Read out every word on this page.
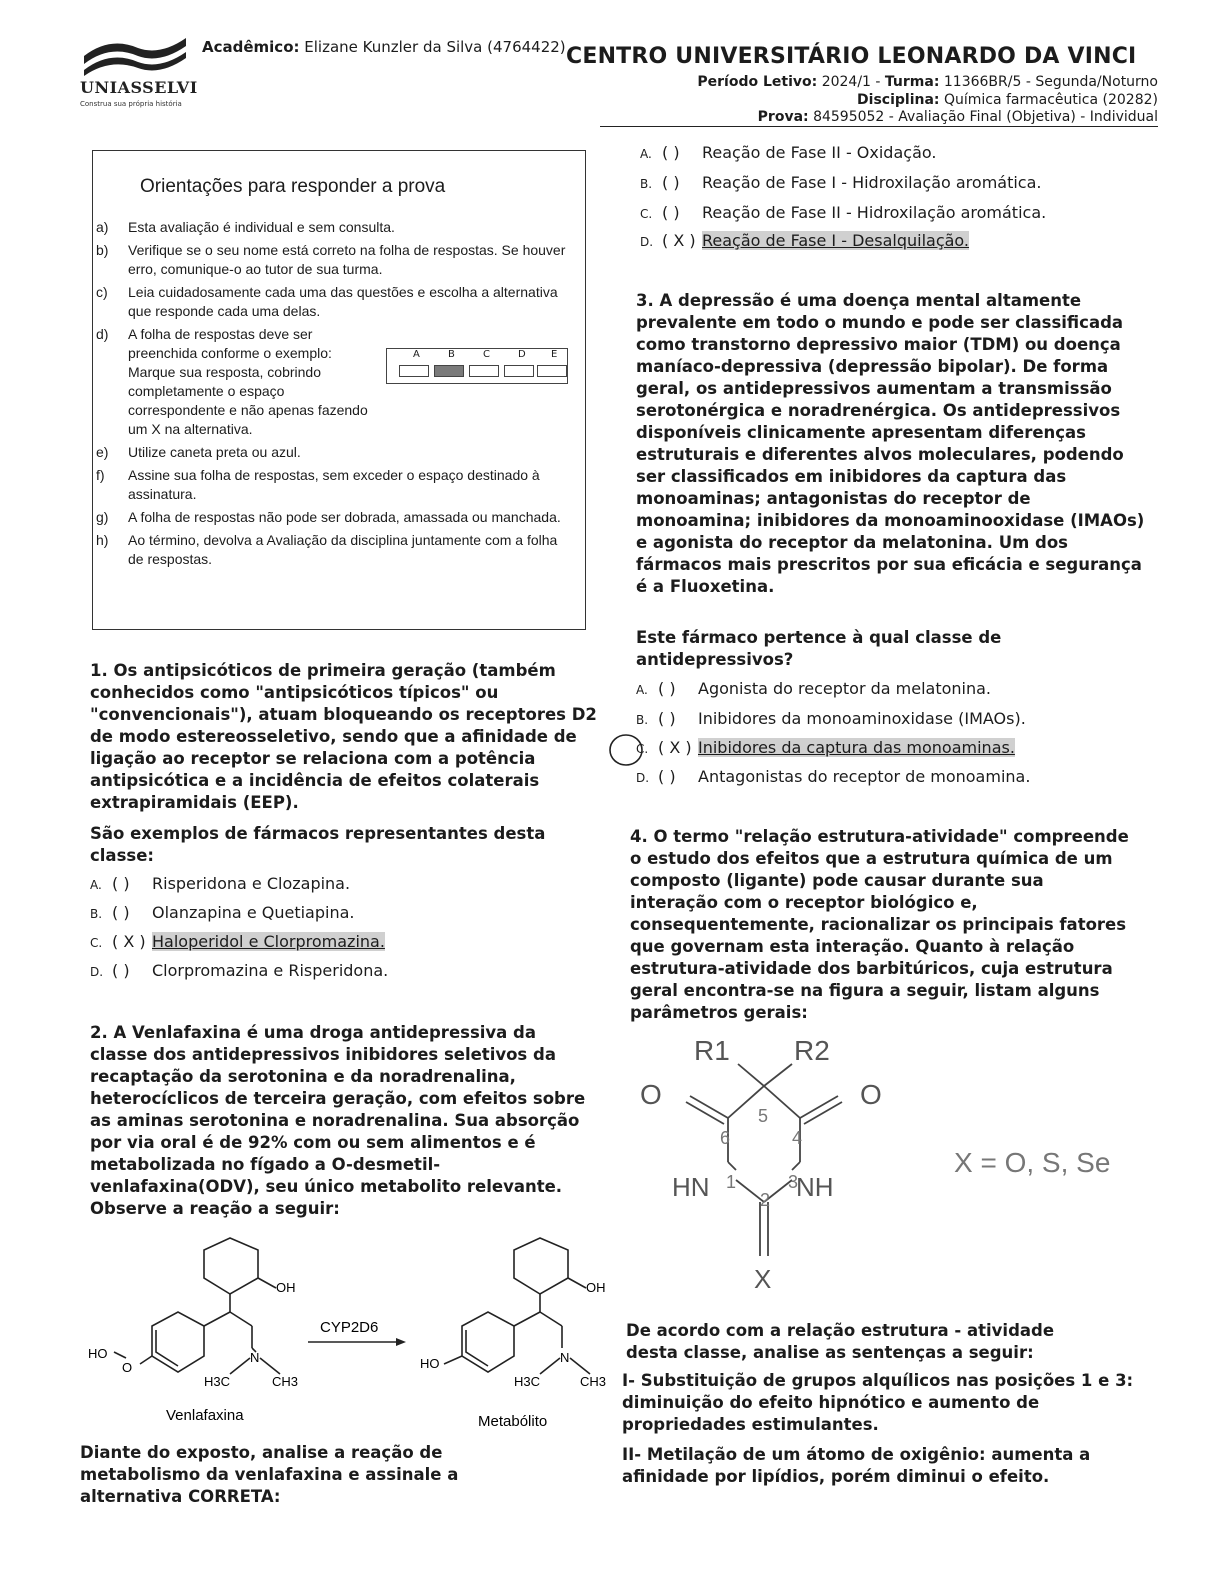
UNIASSELVI
Construa sua própria história
Acadêmico: Elizane Kunzler da Silva (4764422) CENTRO UNIVERSITÁRIO LEONARDO DA VINCI
Período Letivo: 2024/1 - Turma: 11366BR/5 - Segunda/Noturno
Disciplina: Química farmacêutica (20282)
Prova: 84595052 - Avaliação Final (Objetiva) - Individual
Orientações para responder a prova
a) Esta avaliação é individual e sem consulta.
b) Verifique se o seu nome está correto na folha de respostas. Se houver erro, comunique-o ao tutor de sua turma.
c) Leia cuidadosamente cada uma das questões e escolha a alternativa que responde cada uma delas.
d) A folha de respostas deve ser preenchida conforme o exemplo: Marque sua resposta, cobrindo completamente o espaço correspondente e não apenas fazendo um X na alternativa.
e) Utilize caneta preta ou azul.
f) Assine sua folha de respostas, sem exceder o espaço destinado à assinatura.
g) A folha de respostas não pode ser dobrada, amassada ou manchada.
h) Ao término, devolva a Avaliação da disciplina juntamente com a folha de respostas.
A	B	C	D	E
1. Os antipsicóticos de primeira geração (também conhecidos como "antipsicóticos típicos" ou "convencionais"), atuam bloqueando os receptores D2 de modo estereosseletivo, sendo que a afinidade de ligação ao receptor se relaciona com a potência antipsicótica e a incidência de efeitos colaterais extrapiramidais (EEP).
São exemplos de fármacos representantes desta classe:
A. ( ) Risperidona e Clozapina.
B. ( ) Olanzapina e Quetiapina.
C. ( X ) Haloperidol e Clorpromazina.
D. ( ) Clorpromazina e Risperidona.
2. A Venlafaxina é uma droga antidepressiva da classe dos antidepressivos inibidores seletivos da recaptação da serotonina e da noradrenalina, heterocíclicos de terceira geração, com efeitos sobre as aminas serotonina e noradrenalina. Sua absorção por via oral é de 92% com ou sem alimentos e é metabolizada no fígado a O-desmetil-venlafaxina(ODV), seu único metabolito relevante. Observe a reação a seguir:
OH
HO
O
N
H3C	CH3
Venlafaxina
CYP2D6
OH
HO	N
H3C	CH3
Metabólito
Diante do exposto, analise a reação de metabolismo da venlafaxina e assinale a alternativa CORRETA:
A. ( ) Reação de Fase II - Oxidação.
B. ( ) Reação de Fase I - Hidroxilação aromática.
C. ( ) Reação de Fase II - Hidroxilação aromática.
D. ( X ) Reação de Fase I - Desalquilação.
3. A depressão é uma doença mental altamente prevalente em todo o mundo e pode ser classificada como transtorno depressivo maior (TDM) ou doença maníaco-depressiva (depressão bipolar). De forma geral, os antidepressivos aumentam a transmissão serotonérgica e noradrenérgica. Os antidepressivos disponíveis clinicamente apresentam diferenças estruturais e diferentes alvos moleculares, podendo ser classificados em inibidores da captura das monoaminas; antagonistas do receptor de monoamina; inibidores da monoaminooxidase (IMAOs) e agonista do receptor da melatonina. Um dos fármacos mais prescritos por sua eficácia e segurança é a Fluoxetina.
Este fármaco pertence à qual classe de antidepressivos?
A. ( ) Agonista do receptor da melatonina.
B. ( ) Inibidores da monoaminoxidase (IMAOs).
C. ( X ) Inibidores da captura das monoaminas.
D. ( ) Antagonistas do receptor de monoamina.
4. O termo "relação estrutura-atividade" compreende o estudo dos efeitos que a estrutura química de um composto (ligante) pode causar durante sua interação com o receptor biológico e, consequentemente, racionalizar os principais fatores que governam esta interação. Quanto à relação estrutura-atividade dos barbitúricos, cuja estrutura geral encontra-se na figura a seguir, listam alguns parâmetros gerais:
R1 R2
O	O
HN	NH
X
1
2
3
4
5
6
X = O, S, Se
De acordo com a relação estrutura - atividade desta classe, analise as sentenças a seguir:
I- Substituição de grupos alquílicos nas posições 1 e 3: diminuição do efeito hipnótico e aumento de propriedades estimulantes.
II- Metilação de um átomo de oxigênio: aumenta a afinidade por lipídios, porém diminui o efeito.
